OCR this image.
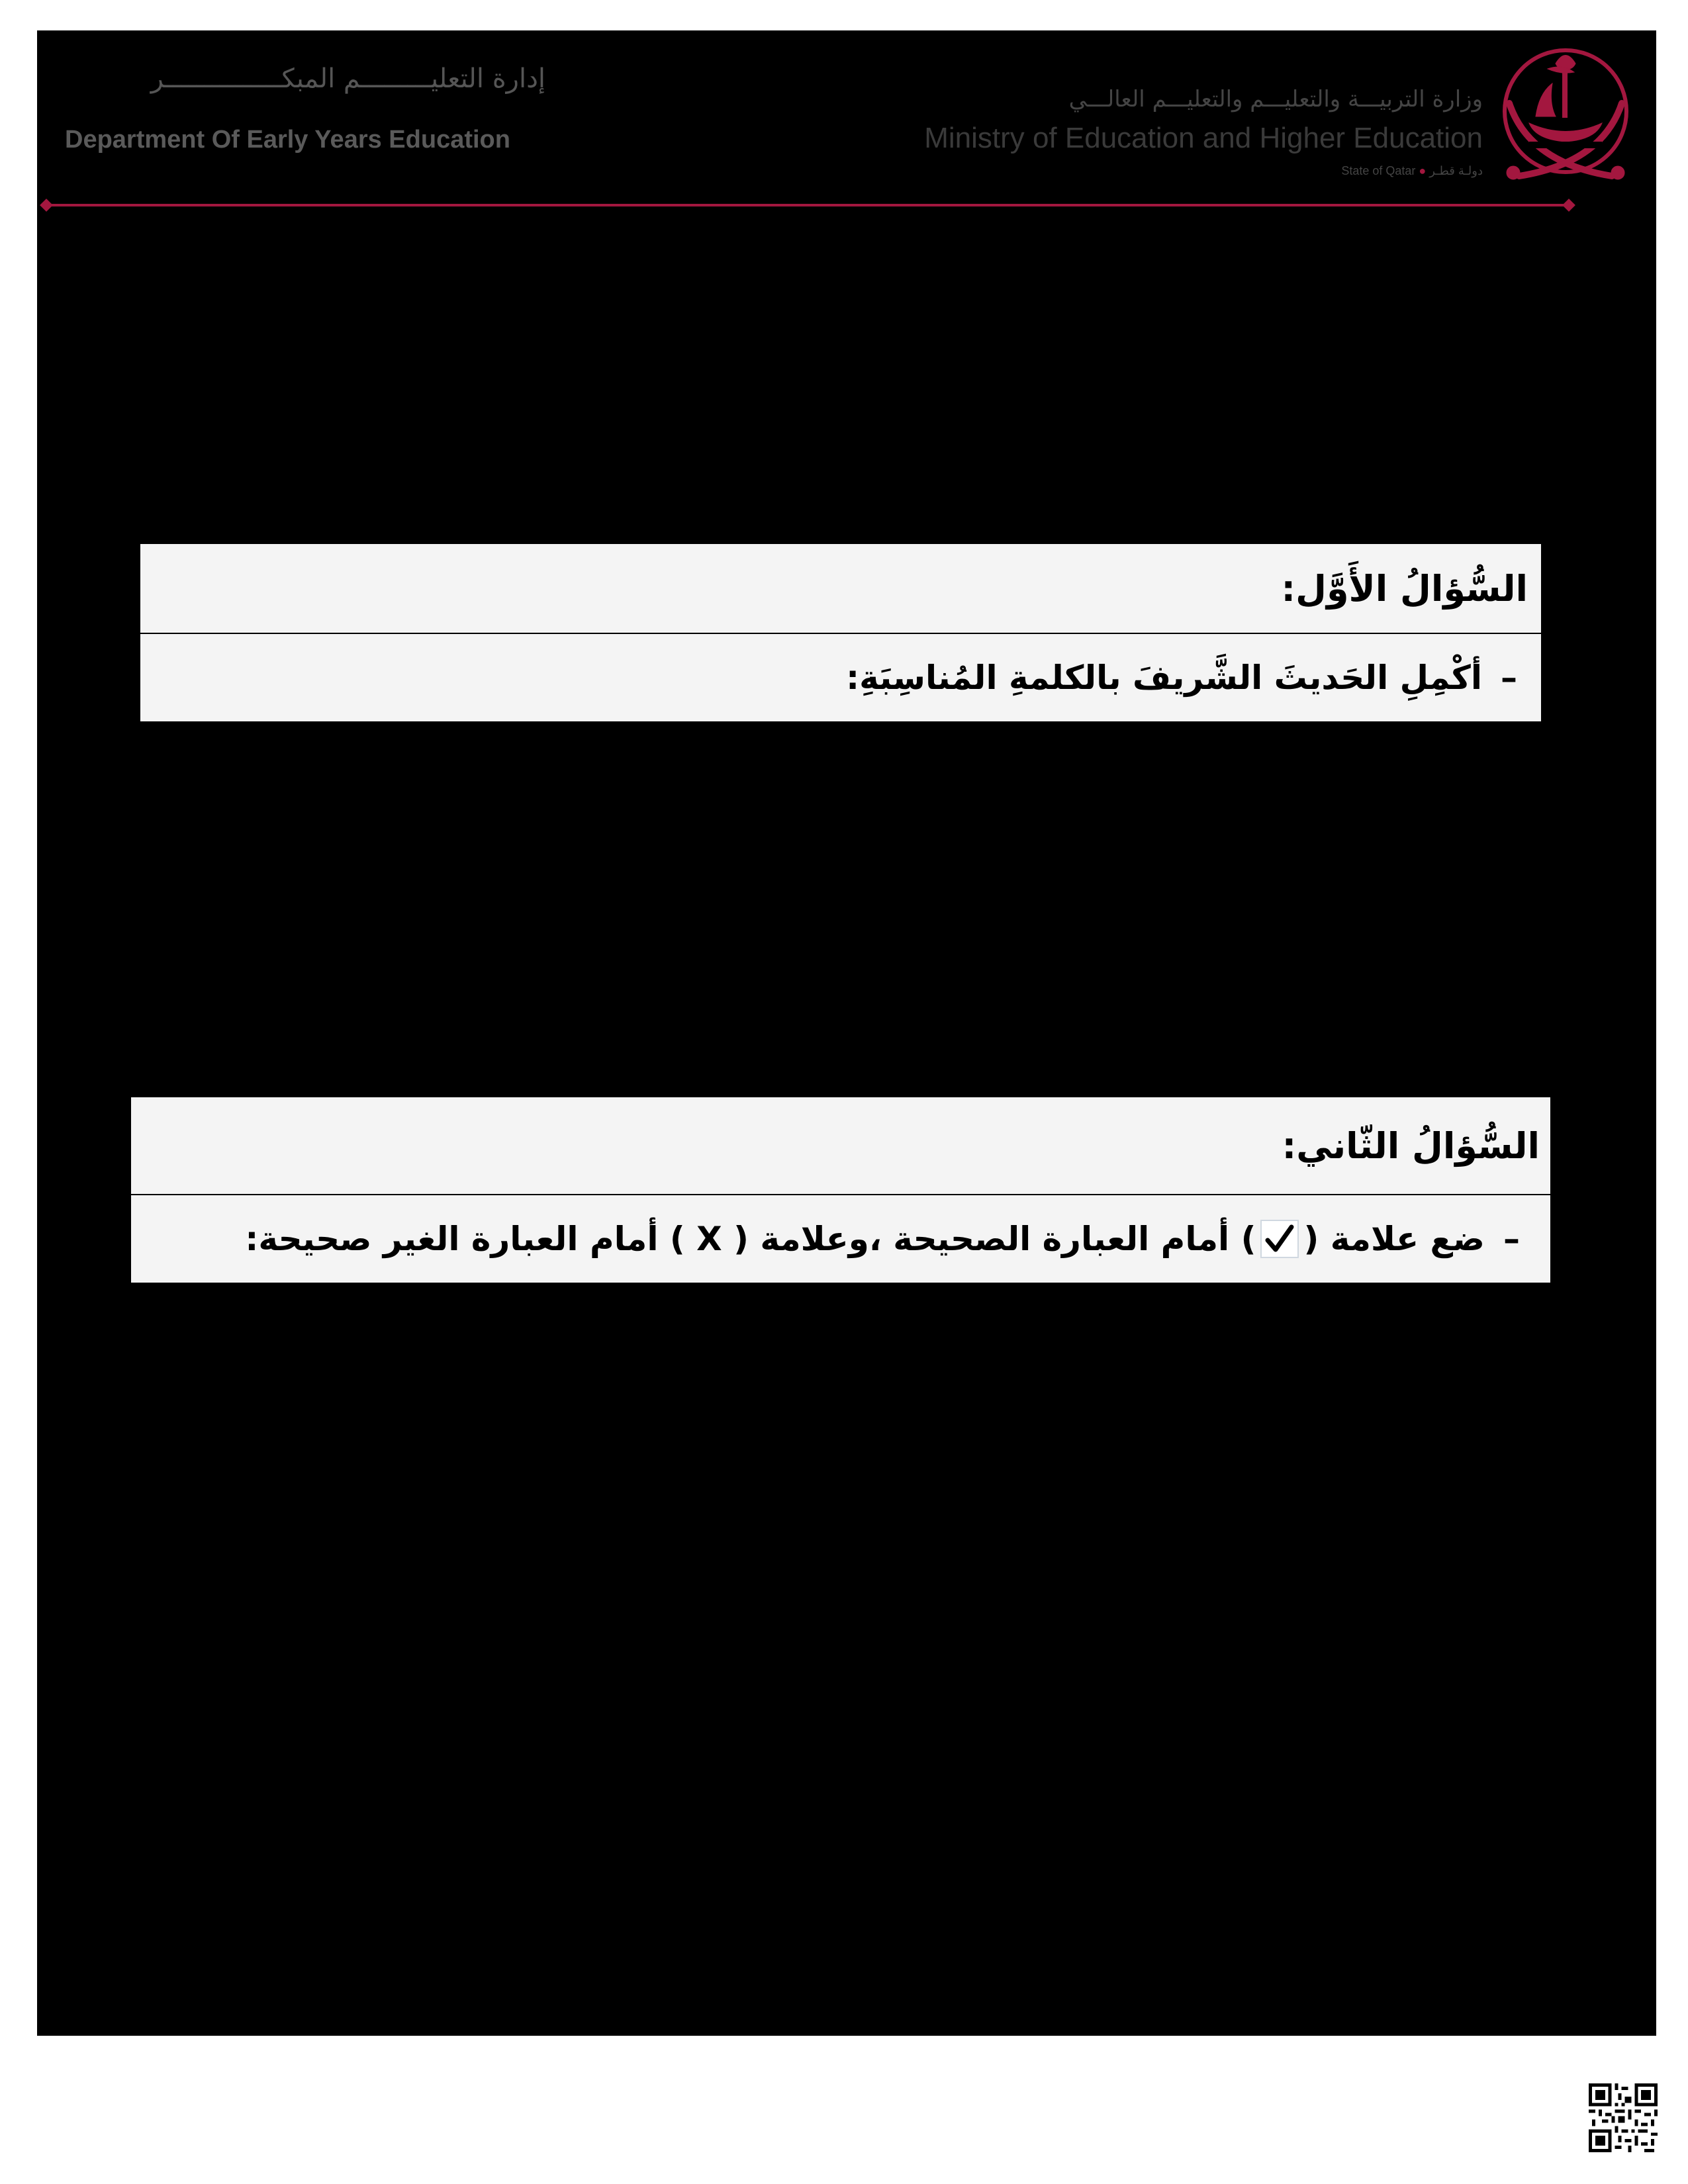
إدارة التعليـــــــــم المبكـــــــــــــــر
Department Of Early Years Education
وزارة التربيـــة والتعليـــم والتعليـــم العالـــي
Ministry of Education and Higher Education
State of Qatar ● دولـة قطـر
السُّؤالُ الأَوَّل:
–
أكْمِلِ الحَديثَ الشَّريفَ بالكلمةِ المُناسِبَةِ:
السُّؤالُ الثّاني:
–
ضع علامة (
) أمام العبارة الصحيحة ،وعلامة ( X ) أمام العبارة الغير صحيحة:
